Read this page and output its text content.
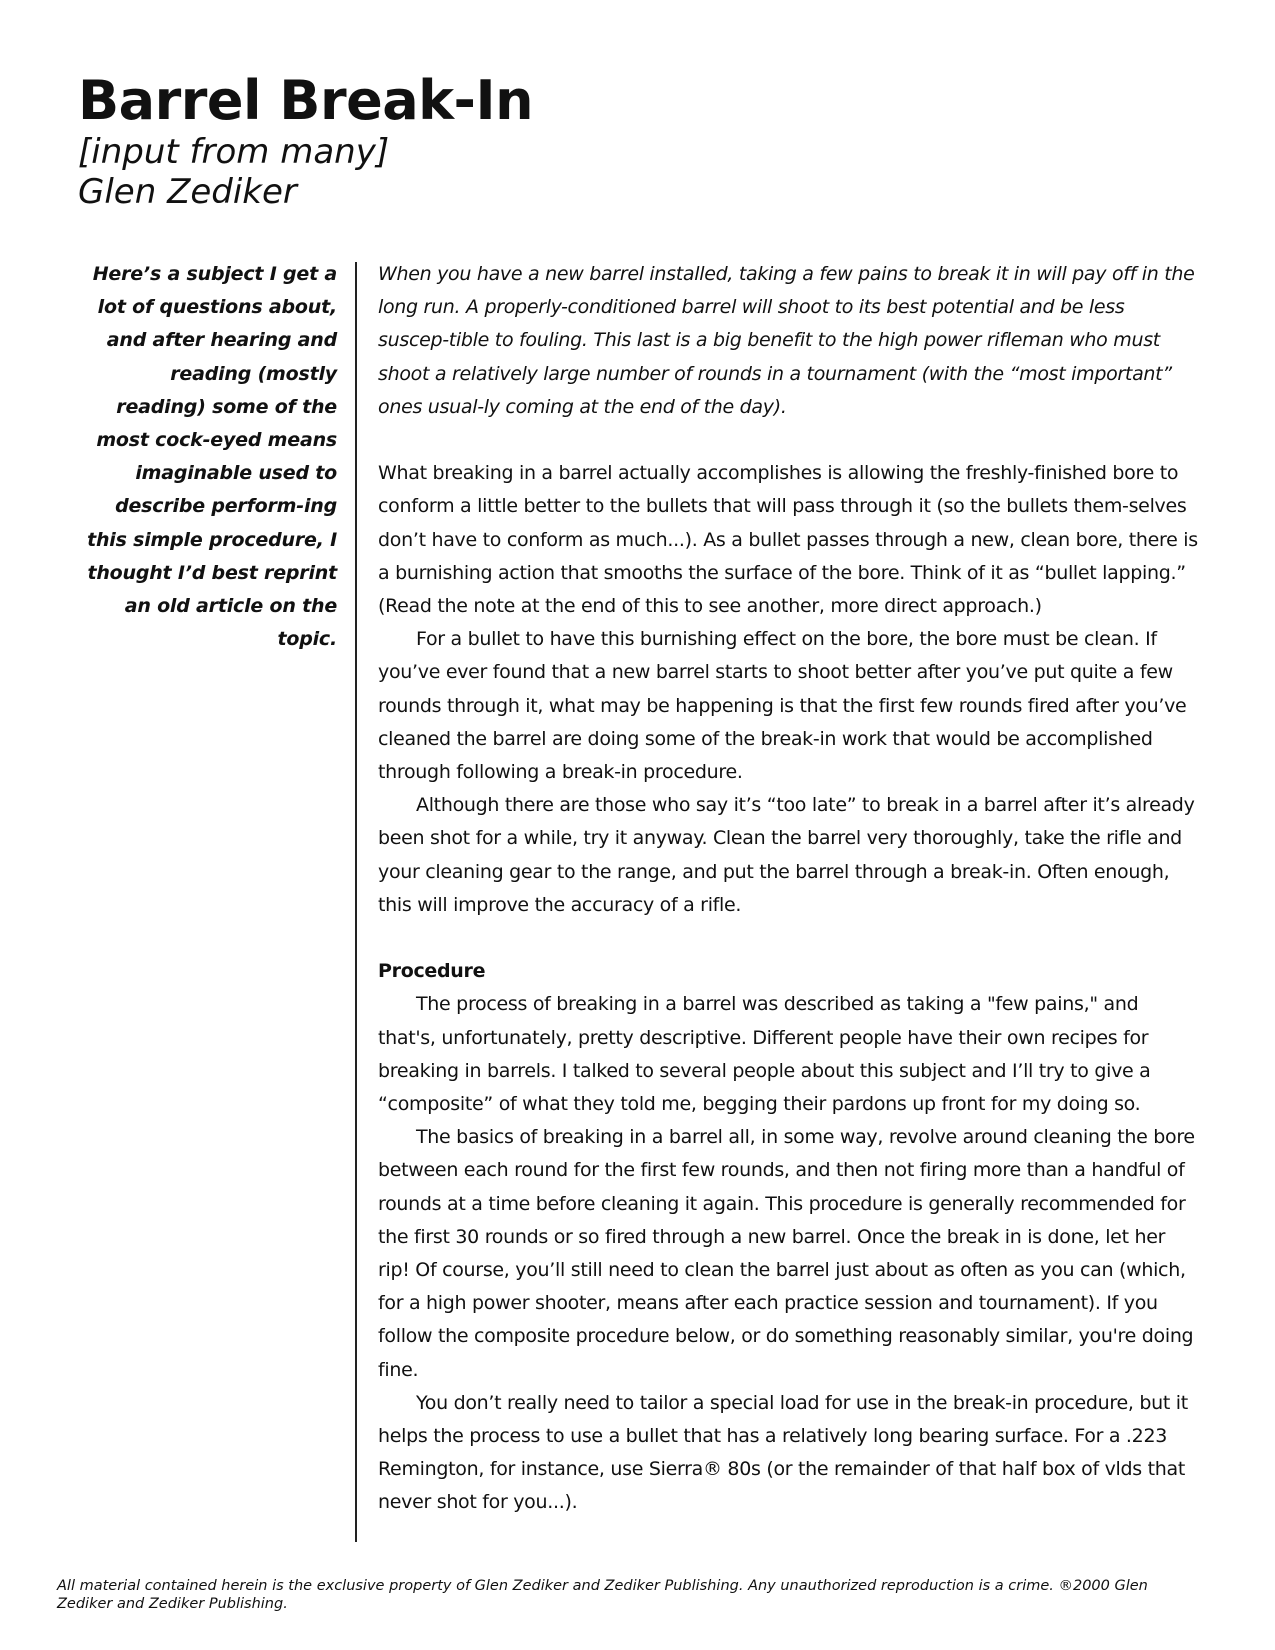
Barrel Break-In

[input from many]

Glen Zediker

Here’s a subject I get a lot of questions about, and after hearing and reading (mostly reading) some of the most cock-eyed means imaginable used to describe perform-ing this simple procedure, I thought I’d best reprint an old article on the topic.

When you have a new barrel installed, taking a few pains to break it in will pay off in the long run. A properly-conditioned barrel will shoot to its best potential and be less suscep-tible to fouling. This last is a big benefit to the high power rifleman who must shoot a relatively large number of rounds in a tournament (with the “most important” ones usual-ly coming at the end of the day).

What breaking in a barrel actually accomplishes is allowing the freshly-finished bore to conform a little better to the bullets that will pass through it (so the bullets them-selves don’t have to conform as much...). As a bullet passes through a new, clean bore, there is a burnishing action that smooths the surface of the bore. Think of it as “bullet lapping.” (Read the note at the end of this to see another, more direct approach.)

For a bullet to have this burnishing effect on the bore, the bore must be clean. If you’ve ever found that a new barrel starts to shoot better after you’ve put quite a few rounds through it, what may be happening is that the first few rounds fired after you’ve cleaned the barrel are doing some of the break-in work that would be accomplished through following a break-in procedure.

Although there are those who say it’s “too late” to break in a barrel after it’s already been shot for a while, try it anyway. Clean the barrel very thoroughly, take the rifle and your cleaning gear to the range, and put the barrel through a break-in. Often enough, this will improve the accuracy of a rifle.

Procedure

The process of breaking in a barrel was described as taking a "few pains," and that's, unfortunately, pretty descriptive. Different people have their own recipes for breaking in barrels. I talked to several people about this subject and I’ll try to give a “composite” of what they told me, begging their pardons up front for my doing so.

The basics of breaking in a barrel all, in some way, revolve around cleaning the bore between each round for the first few rounds, and then not firing more than a handful of rounds at a time before cleaning it again. This procedure is generally recommended for the first 30 rounds or so fired through a new barrel. Once the break in is done, let her rip! Of course, you’ll still need to clean the barrel just about as often as you can (which, for a high power shooter, means after each practice session and tournament). If you follow the composite procedure below, or do something reasonably similar, you're doing fine.

You don’t really need to tailor a special load for use in the break-in procedure, but it helps the process to use a bullet that has a relatively long bearing surface. For a .223 Remington, for instance, use Sierra® 80s (or the remainder of that half box of vlds that never shot for you...).

All material contained herein is the exclusive property of Glen Zediker and Zediker Publishing. Any unauthorized reproduction is a crime. ®2000 Glen Zediker and Zediker Publishing.
